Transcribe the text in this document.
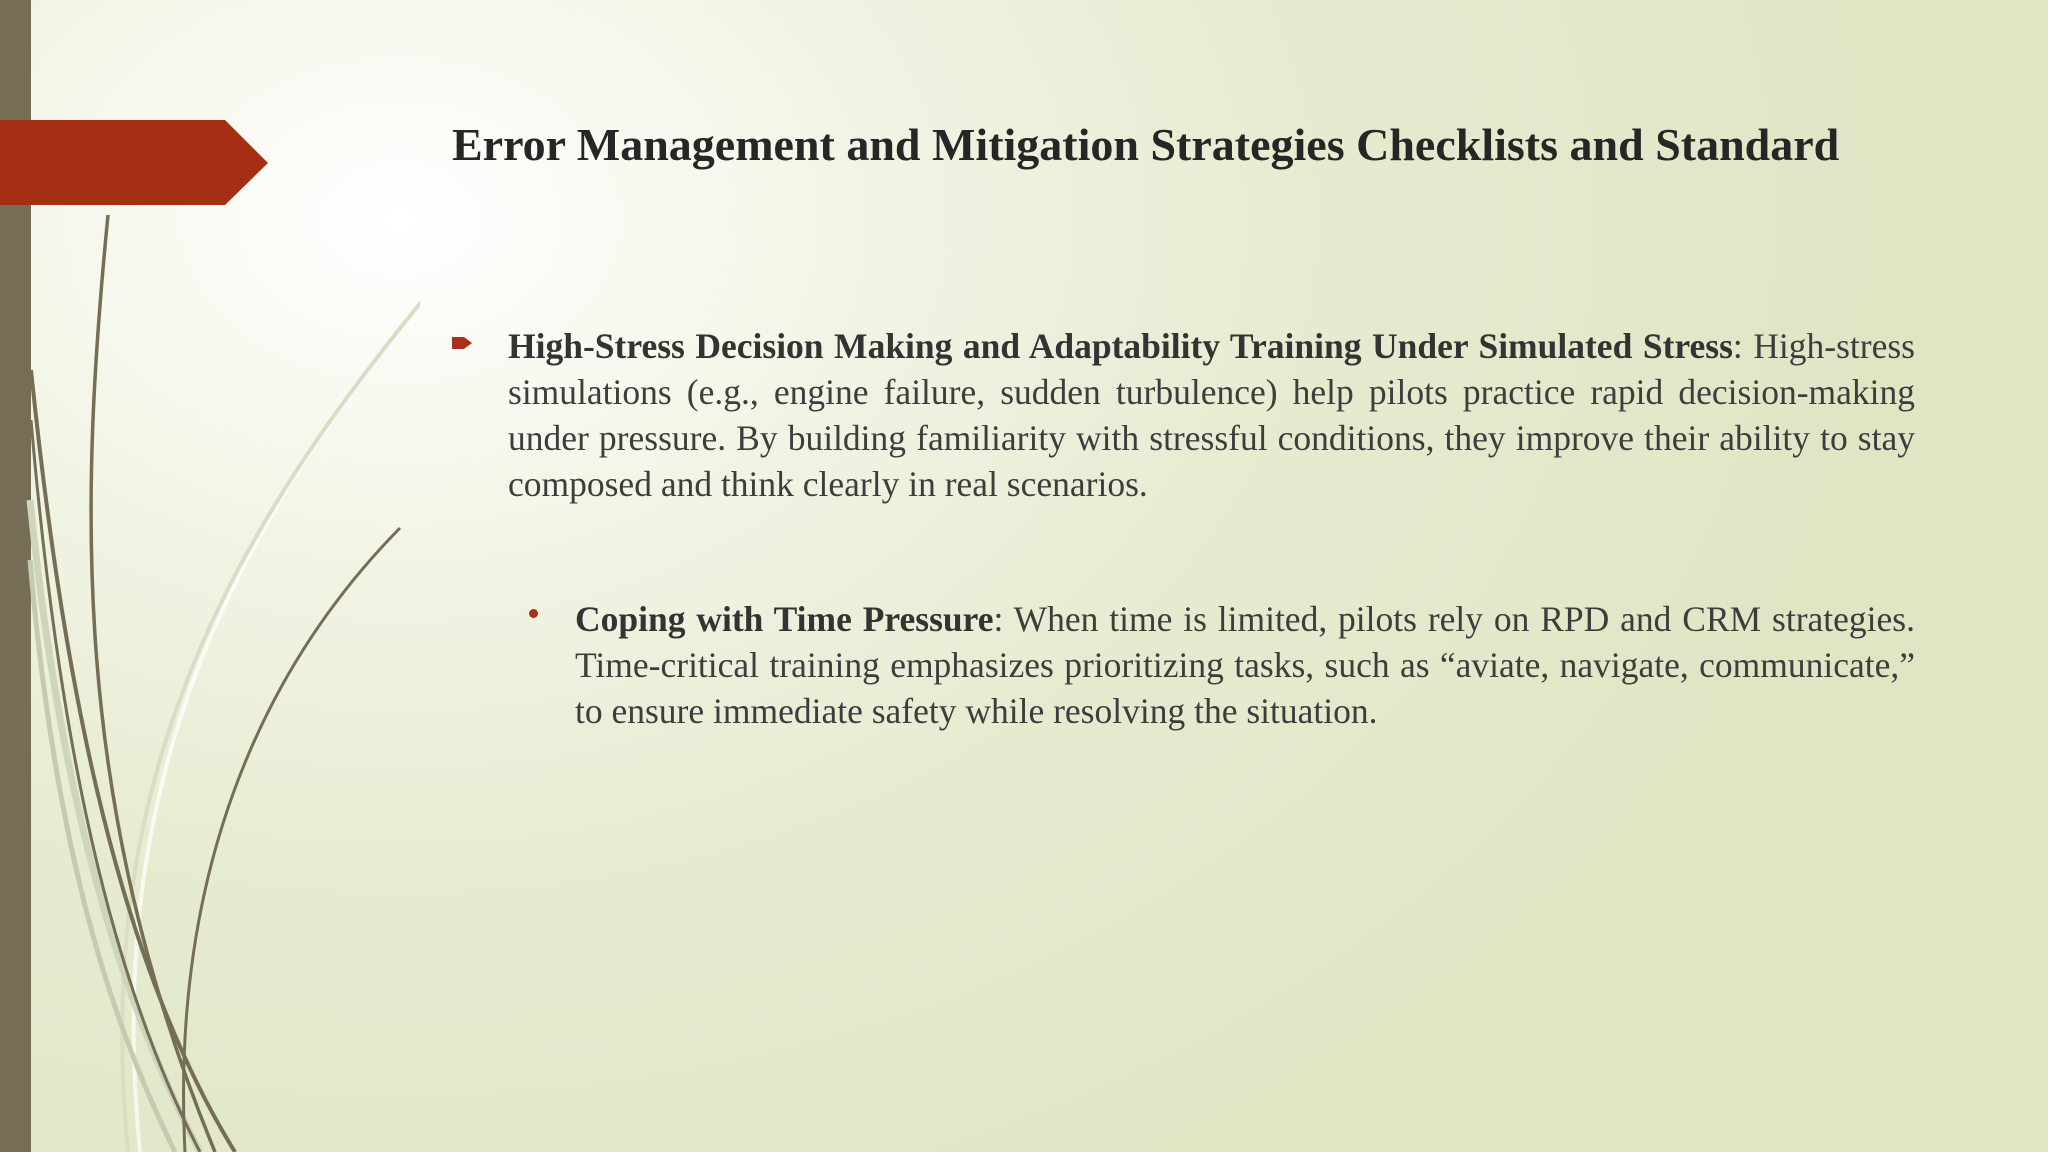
Error Management and Mitigation Strategies Checklists and Standard
High-Stress Decision Making and Adaptability Training Under Simulated Stress: High-stress simulations (e.g., engine failure, sudden turbulence) help pilots practice rapid decision-making under pressure. By building familiarity with stressful conditions, they improve their ability to stay composed and think clearly in real scenarios.
Coping with Time Pressure: When time is limited, pilots rely on RPD and CRM strategies. Time-critical training emphasizes prioritizing tasks, such as “aviate, navigate, communicate,” to ensure immediate safety while resolving the situation.
